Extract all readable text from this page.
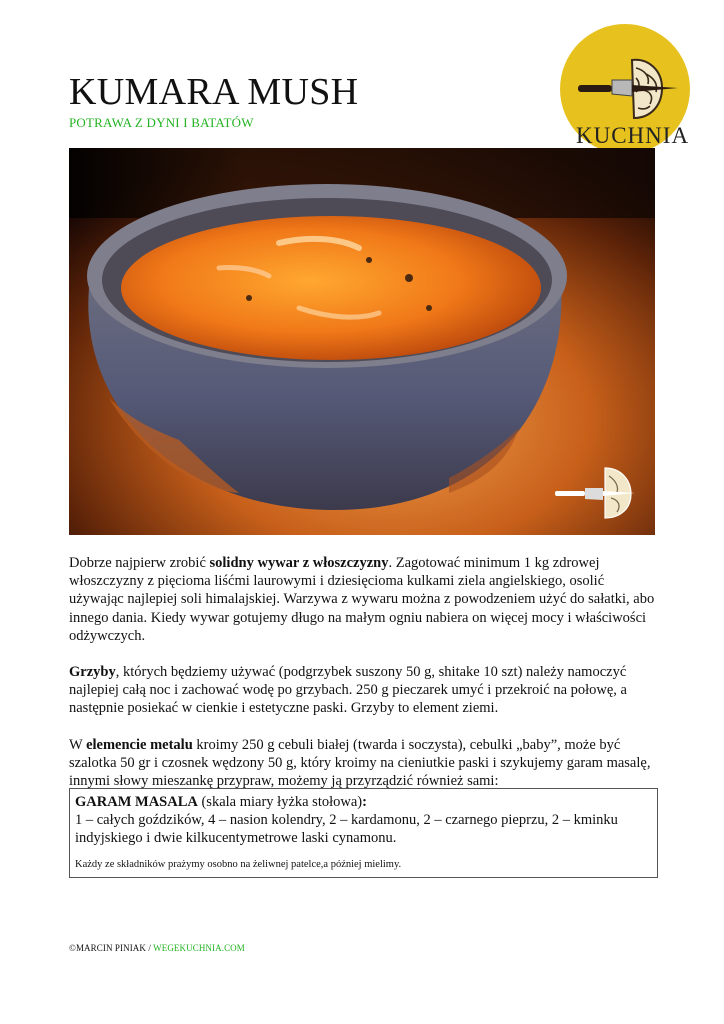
KUMARA MUSH
POTRAWA Z DYNI I BATATÓW
KUCHNIA

Dobrze najpierw zrobić solidny wywar z włoszczyzny. Zagotować minimum 1 kg zdrowej włoszczyzny z pięcioma liśćmi laurowymi i dziesięcioma kulkami ziela angielskiego, osolić używając najlepiej soli himalajskiej. Warzywa z wywaru można z powodzeniem użyć do sałatki, abo innego dania. Kiedy wywar gotujemy długo na małym ogniu nabiera on więcej mocy i właściwości odżywczych.

Grzyby, których będziemy używać (podgrzybek suszony 50 g, shitake 10 szt) należy namoczyć najlepiej całą noc i zachować wodę po grzybach. 250 g pieczarek umyć i przekroić na połowę, a następnie posiekać w cienkie i estetyczne paski. Grzyby to element ziemi.

W elemencie metalu kroimy 250 g cebuli białej (twarda i soczysta), cebulki „baby”, może być szalotka 50 gr i czosnek wędzony 50 g, który kroimy na cieniutkie paski i szykujemy garam masalę, innymi słowy mieszankę przypraw, możemy ją przyrządzić również sami:

GARAM MASALA (skala miary łyżka stołowa):
1 – całych goździków, 4 – nasion kolendry, 2 – kardamonu, 2 – czarnego pieprzu, 2 – kminku indyjskiego i dwie kilkucentymetrowe laski cynamonu.
Każdy ze składników prażymy osobno na żeliwnej patelce,a później mielimy.
©MARCIN PINIAK / WEGEKUCHNIA.COM
